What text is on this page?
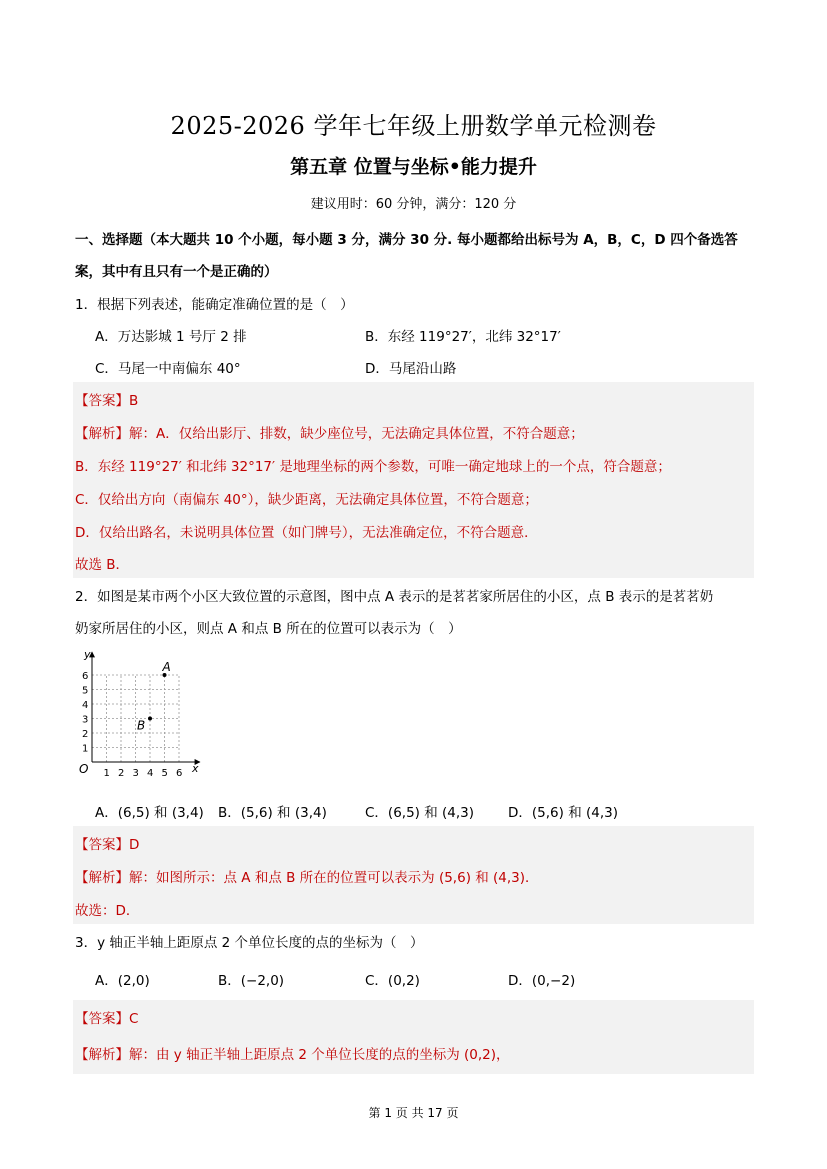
2025-2026 学年七年级上册数学单元检测卷
第五章 位置与坐标•能力提升
建议用时：60 分钟，满分：120 分
一、选择题（本大题共 10 个小题，每小题 3 分，满分 30 分. 每小题都给出标号为 A，B，C，D 四个备选答
案，其中有且只有一个是正确的）
1．根据下列表述，能确定准确位置的是（　）
A．万达影城 1 号厅 2 排	B．东经 119°27′，北纬 32°17′
C．马尾一中南偏东 40°	D．马尾沿山路
【答案】B
【解析】解：A．仅给出影厅、排数，缺少座位号，无法确定具体位置，不符合题意；
B．东经 119°27′ 和北纬 32°17′ 是地理坐标的两个参数，可唯一确定地球上的一个点，符合题意；
C．仅给出方向（南偏东 40°），缺少距离，无法确定具体位置，不符合题意；
D．仅给出路名，未说明具体位置（如门牌号），无法准确定位，不符合题意．
故选 B．
2．如图是某市两个小区大致位置的示意图，图中点 A 表示的是茗茗家所居住的小区，点 B 表示的是茗茗奶
奶家所居住的小区，则点 A 和点 B 所在的位置可以表示为（　）
1 2 3 4 5 6
1
2
3
4
5
6
O	x
y
A
B
A．(6,5) 和 (3,4) B．(5,6) 和 (3,4)	C．(6,5) 和 (4,3)	D．(5,6) 和 (4,3)
【答案】D
【解析】解：如图所示：点 A 和点 B 所在的位置可以表示为 (5,6) 和 (4,3)．
故选：D．
3．y 轴正半轴上距原点 2 个单位长度的点的坐标为（　）
A．(2,0)	B．(−2,0)	C．(0,2)	D．(0,−2)
【答案】C
【解析】解：由 y 轴正半轴上距原点 2 个单位长度的点的坐标为 (0,2)，
第 1 页 共 17 页
